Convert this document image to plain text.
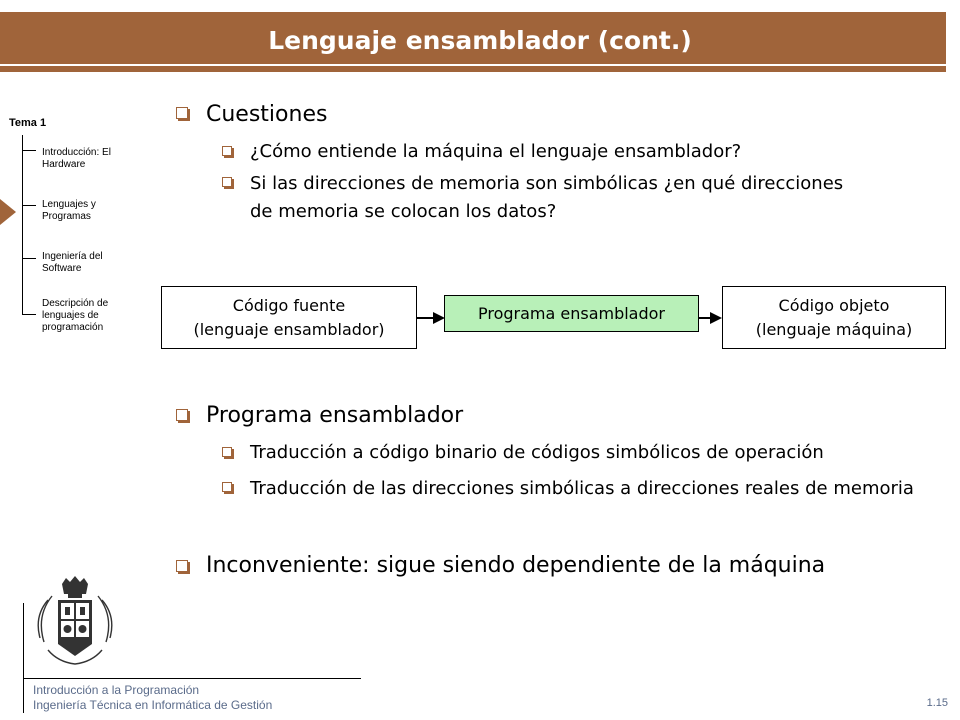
Lenguaje ensamblador (cont.)
Tema 1
Introducción: El Hardware
Lenguajes y Programas
Ingeniería del Software
Descripción de lenguajes de programación
Cuestiones
¿Cómo entiende la máquina el lenguaje ensamblador?
Si las direcciones de memoria son simbólicas ¿en qué direcciones de memoria se colocan los datos?
Código fuente
(lenguaje ensamblador)
Programa ensamblador	Código objeto
(lenguaje máquina)
Programa ensamblador
Traducción a código binario de códigos simbólicos de operación
Traducción de las direcciones simbólicas a direcciones reales de memoria
Inconveniente: sigue siendo dependiente de la máquina
Introducción a la Programación
Ingeniería Técnica en Informática de Gestión	1.15
